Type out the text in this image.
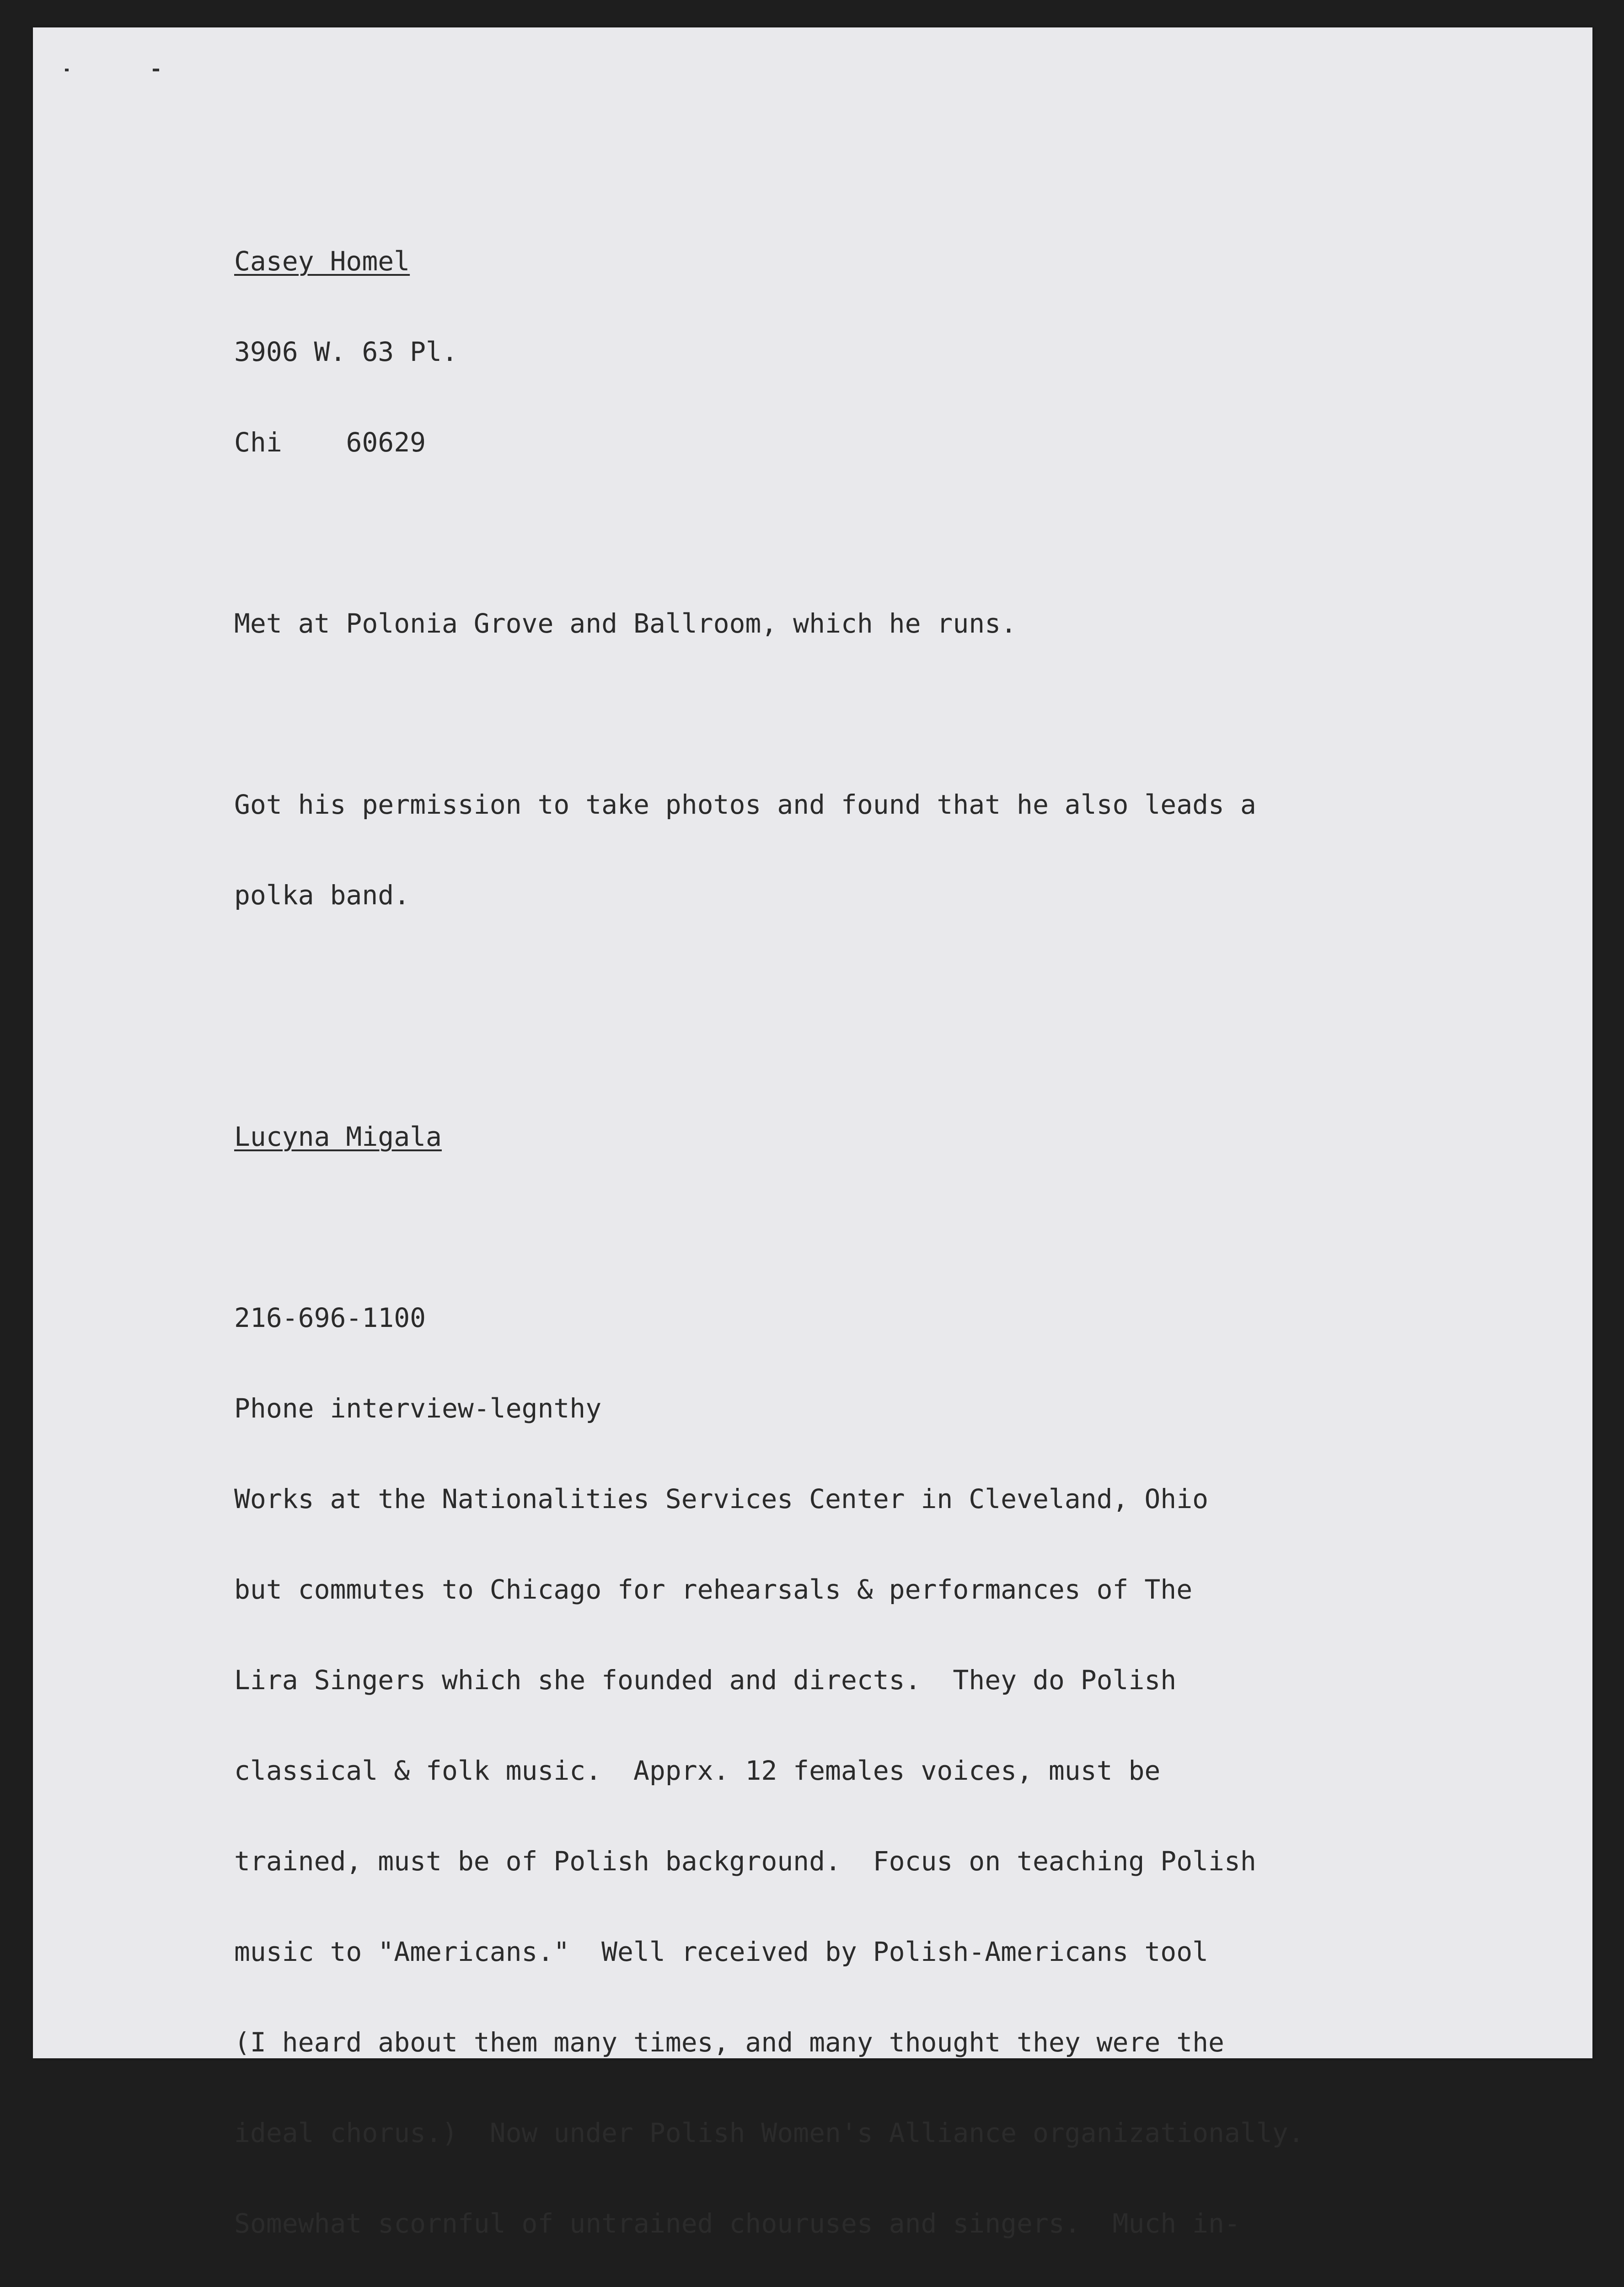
Casey Homel

3906 W. 63 Pl.

Chi 60629

Met at Polonia Grove and Ballroom, which he runs.

Got his permission to take photos and found that he also leads a

polka band.

Lucyna Migala

216-696-1100

Phone interview-legnthy

Works at the Nationalities Services Center in Cleveland, Ohio

but commutes to Chicago for rehearsals & performances of The

Lira Singers which she founded and directs.  They do Polish

classical & folk music.  Apprx. 12 females voices, must be

trained, must be of Polish background.  Focus on teaching Polish

music to "Americans."  Well received by Polish-Americans tool

(I heard about them many times, and many thought they were the

ideal chorus.)  Now under Polish Women's Alliance organizationally.

Somewhat scornful of untrained chouruses and singers.  Much in-
